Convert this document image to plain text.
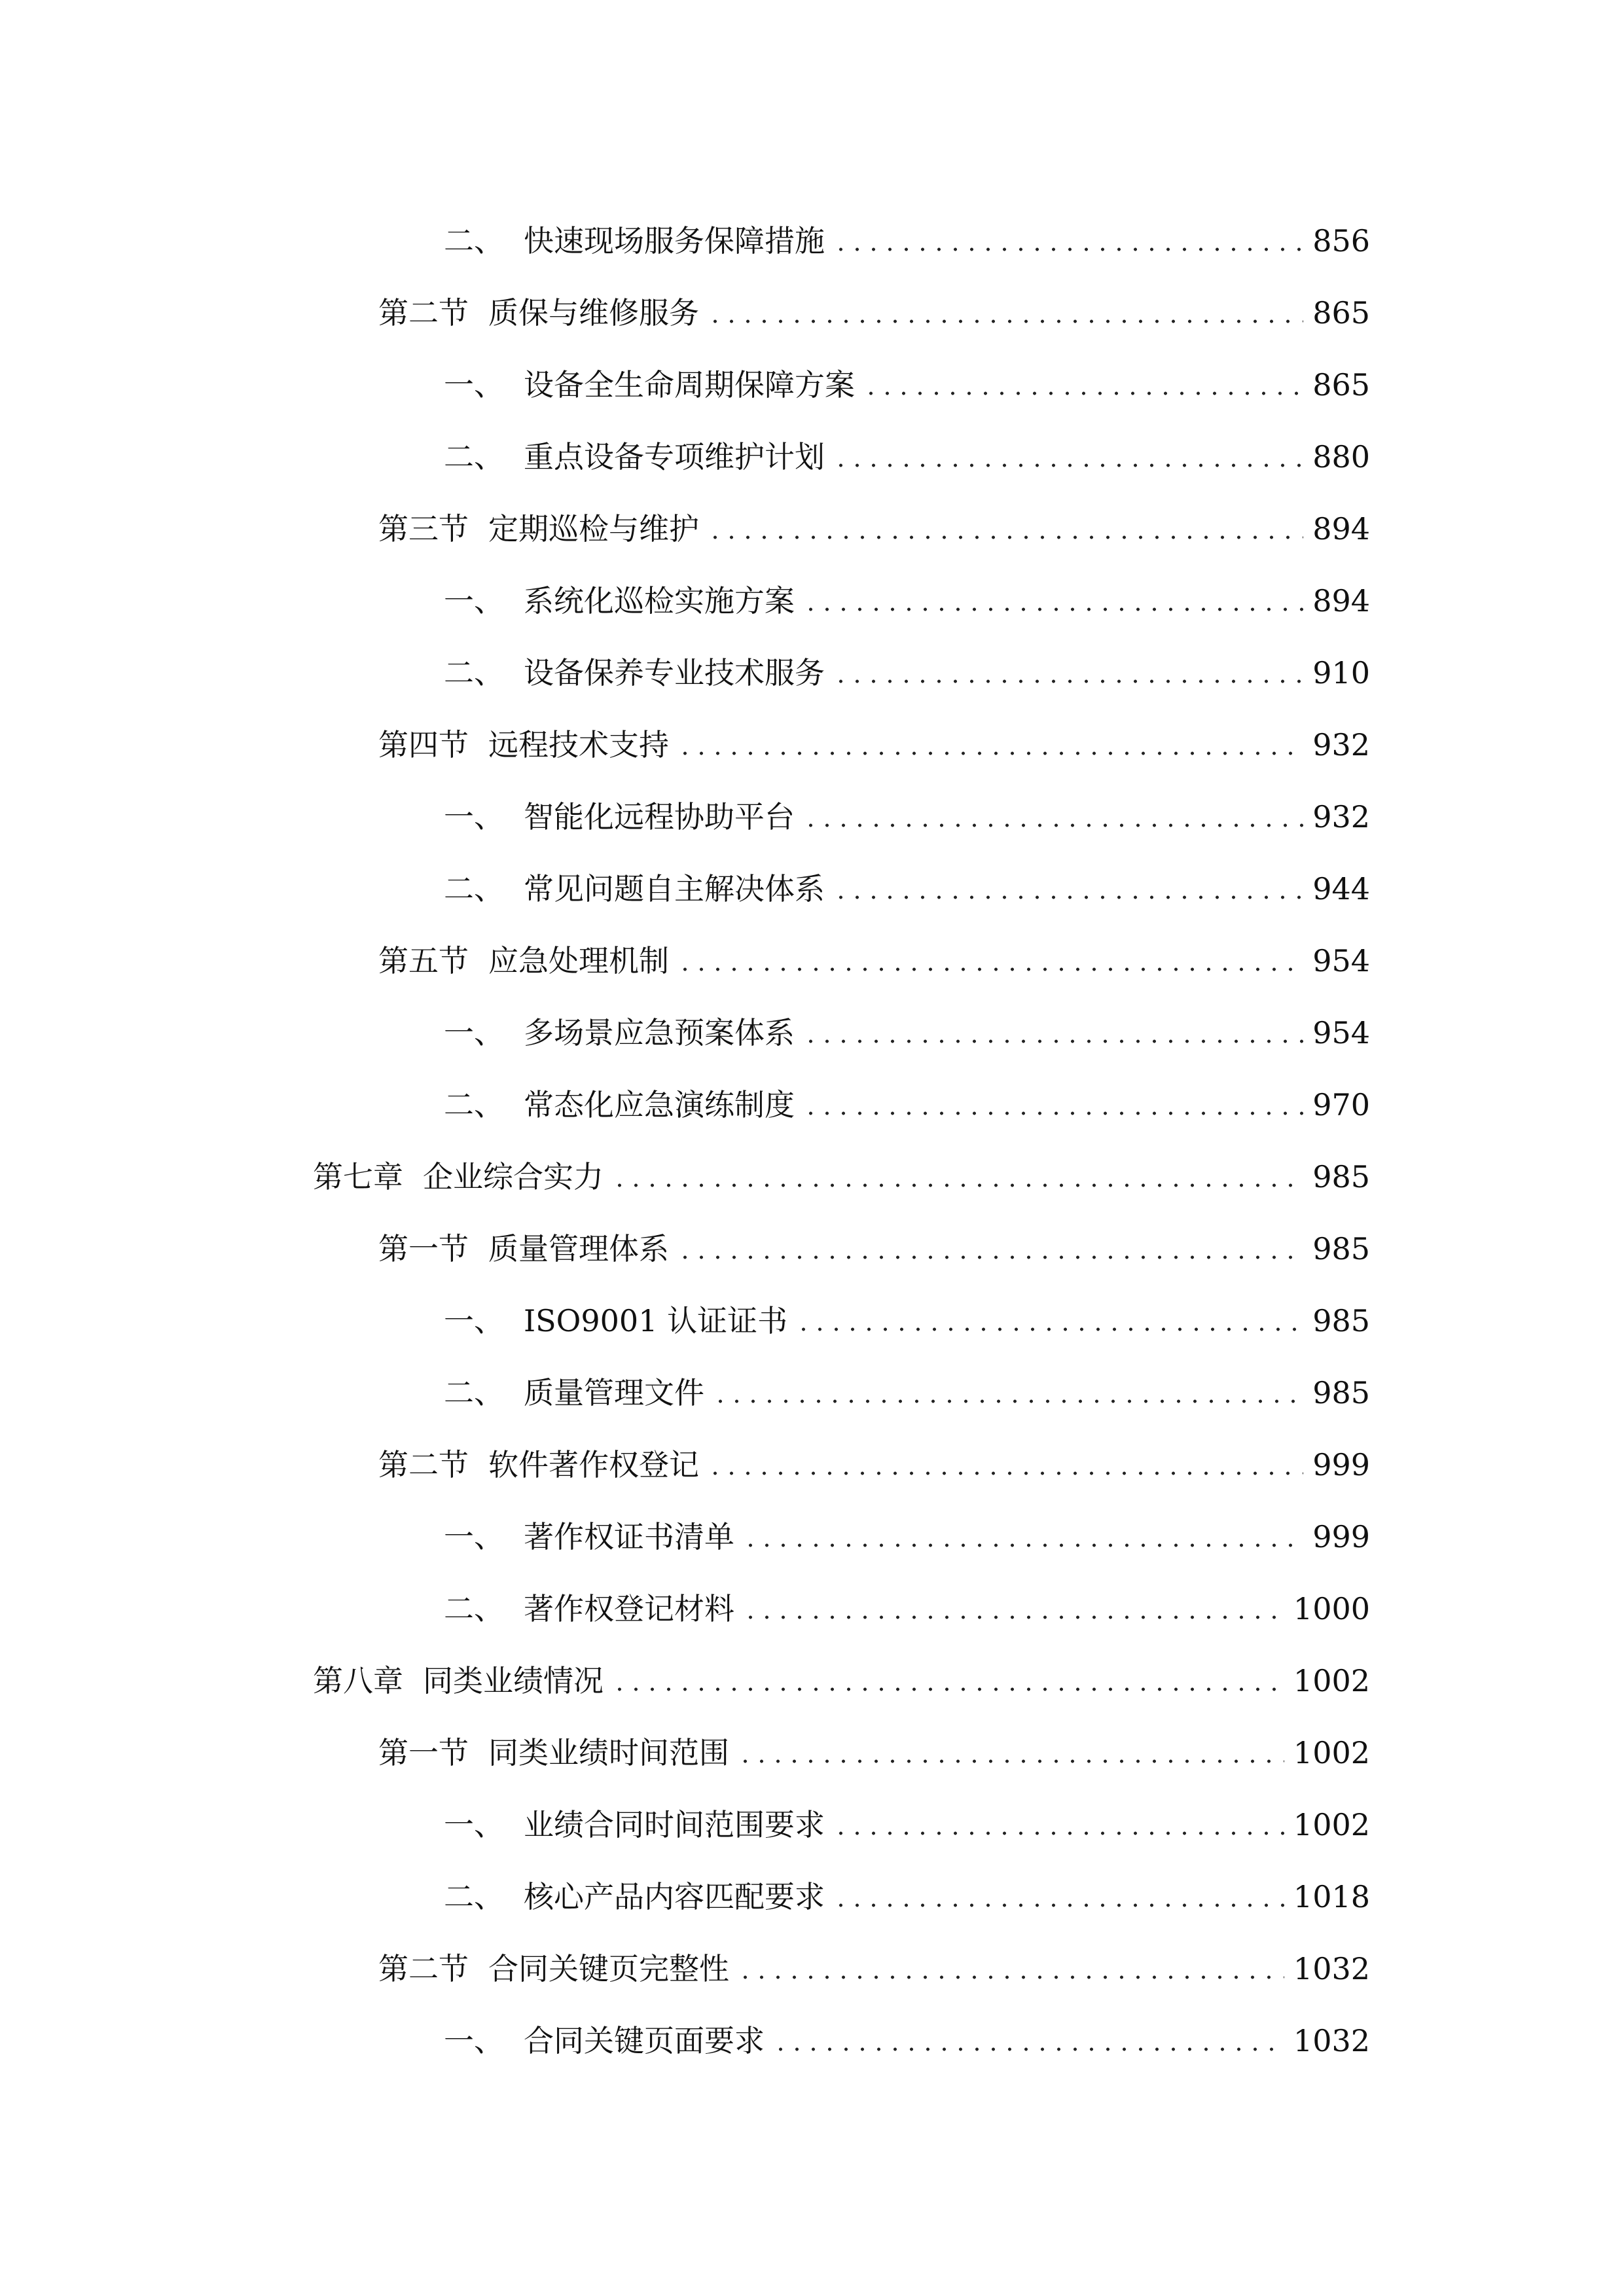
二、 快速现场服务保障措施	856
第二节 质保与维修服务	865
一、 设备全生命周期保障方案	865
二、 重点设备专项维护计划	880
第三节 定期巡检与维护	894
一、 系统化巡检实施方案	894
二、 设备保养专业技术服务	910
第四节 远程技术支持	932
一、 智能化远程协助平台	932
二、 常见问题自主解决体系	944
第五节 应急处理机制	954
一、 多场景应急预案体系	954
二、 常态化应急演练制度	970
第七章 企业综合实力	985
第一节 质量管理体系	985
一、 ISO9001 认证证书	985
二、 质量管理文件	985
第二节 软件著作权登记	999
一、 著作权证书清单	999
二、 著作权登记材料	1000
第八章 同类业绩情况	1002
第一节 同类业绩时间范围	1002
一、 业绩合同时间范围要求	1002
二、 核心产品内容匹配要求	1018
第二节 合同关键页完整性	1032
一、 合同关键页面要求	1032
